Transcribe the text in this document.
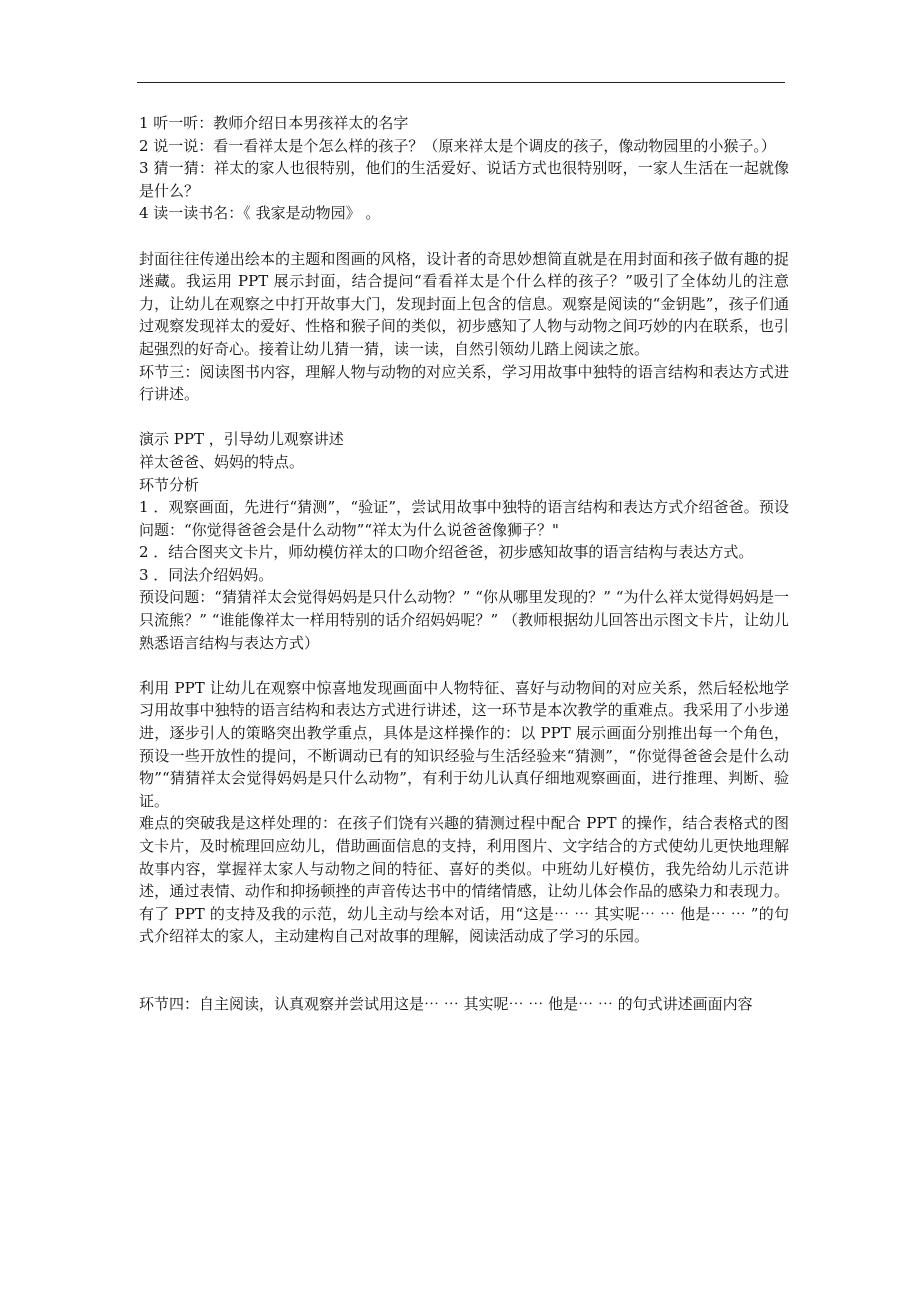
1 听一听：教师介绍日本男孩祥太的名字

2 说一说：看一看祥太是个怎么样的孩子？（原来祥太是个调皮的孩子，像动物园里的小猴子。）

3 猜一猜：祥太的家人也很特别，他们的生活爱好、说话方式也很特别呀，一家人生活在一起就像是什么？

4 读一读书名：《 我家是动物园》 。

封面往往传递出绘本的主题和图画的风格，设计者的奇思妙想简直就是在用封面和孩子做有趣的捉迷藏。我运用 PPT 展示封面，结合提问“看看祥太是个什么样的孩子？”吸引了全体幼儿的注意力，让幼儿在观察之中打开故事大门，发现封面上包含的信息。观察是阅读的“金钥匙”，孩子们通过观察发现祥太的爱好、性格和猴子间的类似，初步感知了人物与动物之间巧妙的内在联系，也引起强烈的好奇心。接着让幼儿猜一猜，读一读，自然引领幼儿踏上阅读之旅。

环节三：阅读图书内容，理解人物与动物的对应关系，学习用故事中独特的语言结构和表达方式进行讲述。

演示 PPT ，引导幼儿观察讲述

祥太爸爸、妈妈的特点。

环节分析

1 ．观察画面，先进行“猜测”，“验证”，尝试用故事中独特的语言结构和表达方式介绍爸爸。预设问题：“你觉得爸爸会是什么动物”“祥太为什么说爸爸像狮子？"

2 ．结合图夹文卡片，师幼模仿祥太的口吻介绍爸爸，初步感知故事的语言结构与表达方式。

3 ．同法介绍妈妈。

预设问题：“猜猜祥太会觉得妈妈是只什么动物？” “你从哪里发现的？” “为什么祥太觉得妈妈是一只流熊？” “谁能像祥太一样用特别的话介绍妈妈呢？” （教师根据幼儿回答出示图文卡片，让幼儿熟悉语言结构与表达方式）

利用 PPT 让幼儿在观察中惊喜地发现画面中人物特征、喜好与动物间的对应关系，然后轻松地学习用故事中独特的语言结构和表达方式进行讲述，这一环节是本次教学的重难点。我采用了小步递进，逐步引人的策略突出教学重点，具体是这样操作的：以 PPT 展示画面分别推出每一个角色，预设一些开放性的提问，不断调动已有的知识经验与生活经验来“猜测”，“你觉得爸爸会是什么动物”“猜猜祥太会觉得妈妈是只什么动物”，有利于幼儿认真仔细地观察画面，进行推理、判断、验证。

难点的突破我是这样处理的：在孩子们饶有兴趣的猜测过程中配合 PPT 的操作，结合表格式的图文卡片，及时梳理回应幼儿，借助画面信息的支持，利用图片、文字结合的方式使幼儿更快地理解故事内容，掌握祥太家人与动物之间的特征、喜好的类似。中班幼儿好模仿，我先给幼儿示范讲述，通过表情、动作和抑扬顿挫的声音传达书中的情绪情感，让幼儿体会作品的感染力和表现力。有了 PPT 的支持及我的示范，幼儿主动与绘本对话，用“这是⋯ ⋯ 其实呢⋯ ⋯ 他是⋯ ⋯ ”的句式介绍祥太的家人，主动建构自己对故事的理解，阅读活动成了学习的乐园。

环节四：自主阅读，认真观察并尝试用这是⋯ ⋯ 其实呢⋯ ⋯ 他是⋯ ⋯ 的句式讲述画面内容
